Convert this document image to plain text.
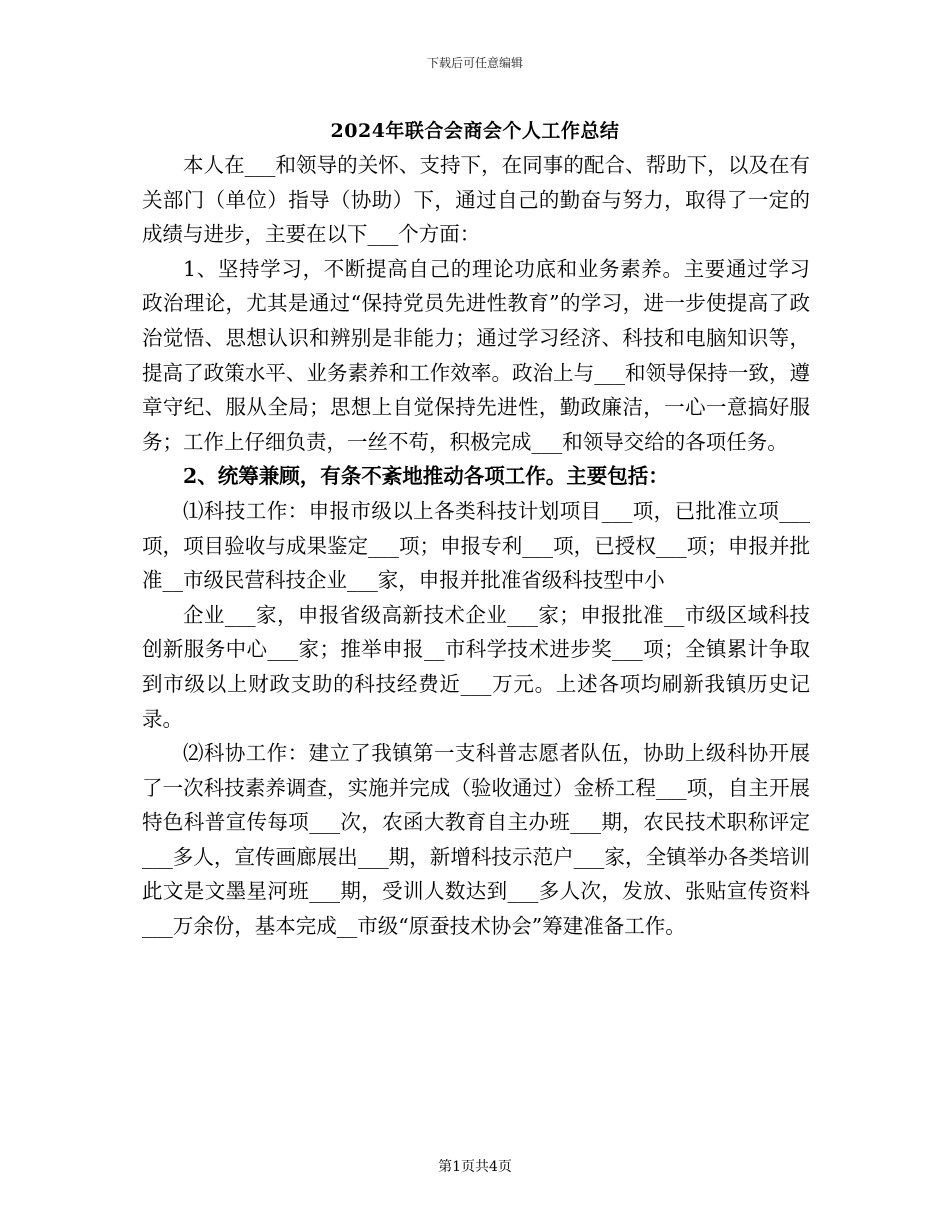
下载后可任意编辑
2024年联合会商会个人工作总结

本人在___和领导的关怀、支持下，在同事的配合、帮助下，以及在有关部门（单位）指导（协助）下，通过自己的勤奋与努力，取得了一定的成绩与进步，主要在以下___个方面：

1、坚持学习，不断提高自己的理论功底和业务素养。主要通过学习政治理论，尤其是通过“保持党员先进性教育”的学习，进一步使提高了政治觉悟、思想认识和辨别是非能力；通过学习经济、科技和电脑知识等，提高了政策水平、业务素养和工作效率。政治上与___和领导保持一致，遵章守纪、服从全局；思想上自觉保持先进性，勤政廉洁，一心一意搞好服务；工作上仔细负责，一丝不苟，积极完成___和领导交给的各项任务。

2、统筹兼顾，有条不紊地推动各项工作。主要包括：

⑴科技工作：申报市级以上各类科技计划项目___项，已批准立项___项，项目验收与成果鉴定___项；申报专利___项，已授权___项；申报并批准__市级民营科技企业___家，申报并批准省级科技型中小

企业___家，申报省级高新技术企业___家；申报批准__市级区域科技创新服务中心___家；推举申报__市科学技术进步奖___项；全镇累计争取到市级以上财政支助的科技经费近___万元。上述各项均刷新我镇历史记录。

⑵科协工作：建立了我镇第一支科普志愿者队伍，协助上级科协开展了一次科技素养调查，实施并完成（验收通过）金桥工程___项，自主开展特色科普宣传每项___次，农函大教育自主办班___期，农民技术职称评定___多人，宣传画廊展出___期，新增科技示范户___家，全镇举办各类培训此文是文墨星河班___期，受训人数达到___多人次，发放、张贴宣传资料___万余份，基本完成__市级“原蚕技术协会”筹建准备工作。

第1页共4页
